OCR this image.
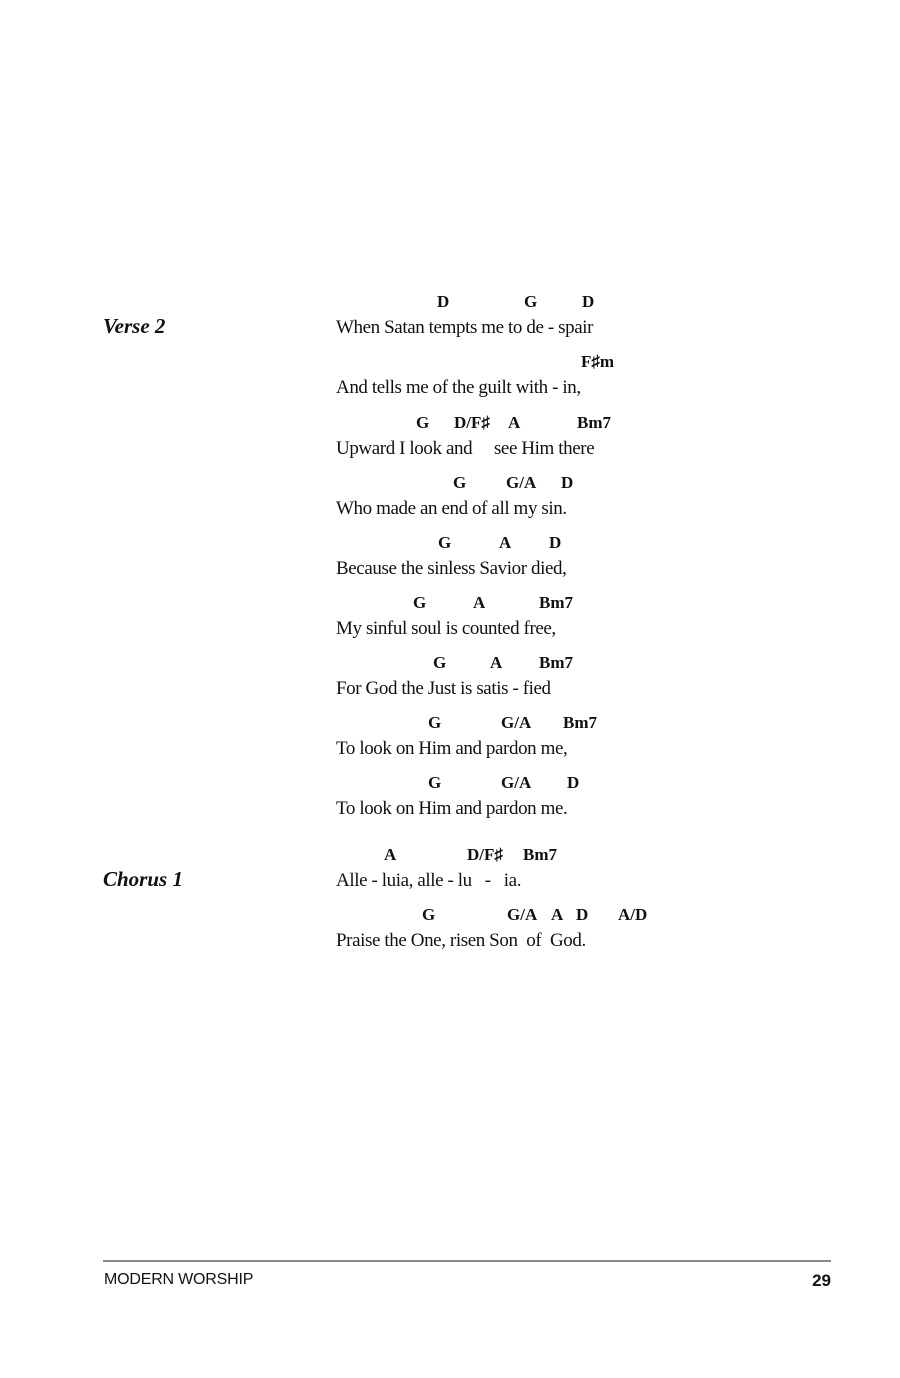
Verse 2
Chorus 1
D	G	D
When Satan tempts me to de - spair
F♯m
And tells me of the guilt with - in,
G D/F♯ A	Bm7
Upward I look and     see Him there
G G/A D
Who made an end of all my sin.
G	A D
Because the sinless Savior died,
G	A	Bm7
My sinful soul is counted free,
G	A Bm7
For God the Just is satis - fied
G	G/A Bm7
To look on Him and pardon me,
G	G/A D
To look on Him and pardon me.
A	D/F♯ Bm7
Alle - luia, alle - lu   -   ia.
G	G/A A D A/D
Praise the One, risen Son  of  God.
MODERN WORSHIP	29
